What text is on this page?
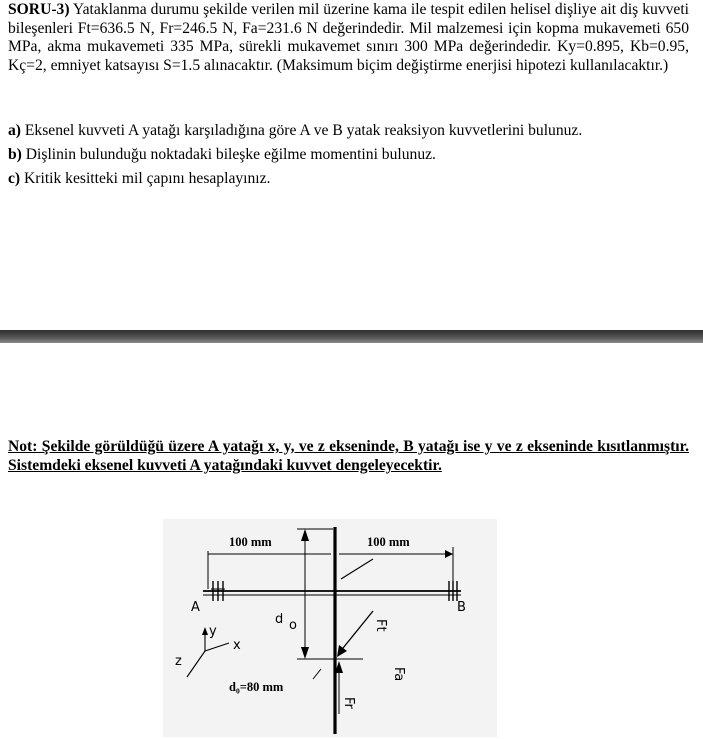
SORU-3) Yataklanma durumu şekilde verilen mil üzerine kama ile tespit edilen helisel dişliye ait diş kuvveti bileşenleri Ft=636.5 N, Fr=246.5 N, Fa=231.6 N değerindedir. Mil malzemesi için kopma mukavemeti 650 MPa, akma mukavemeti 335 MPa, sürekli mukavemet sınırı 300 MPa değerindedir. Ky=0.895, Kb=0.95, Kç=2, emniyet katsayısı S=1.5 alınacaktır. (Maksimum biçim değiştirme enerjisi hipotezi kullanılacaktır.)
a) Eksenel kuvveti A yatağı karşıladığına göre A ve B yatak reaksiyon kuvvetlerini bulunuz.
b) Dişlinin bulunduğu noktadaki bileşke eğilme momentini bulunuz.
c) Kritik kesitteki mil çapını hesaplayınız.
Not: Şekilde görüldüğü üzere A yatağı x, y, ve z ekseninde, B yatağı ise y ve z ekseninde kısıtlanmıştır. Sistemdeki eksenel kuvveti A yatağındaki kuvvet dengeleyecektir.
100 mm	100 mm
d o
d₀=80 mm
A	B
y
x
z
Ft
Fa
Fr
